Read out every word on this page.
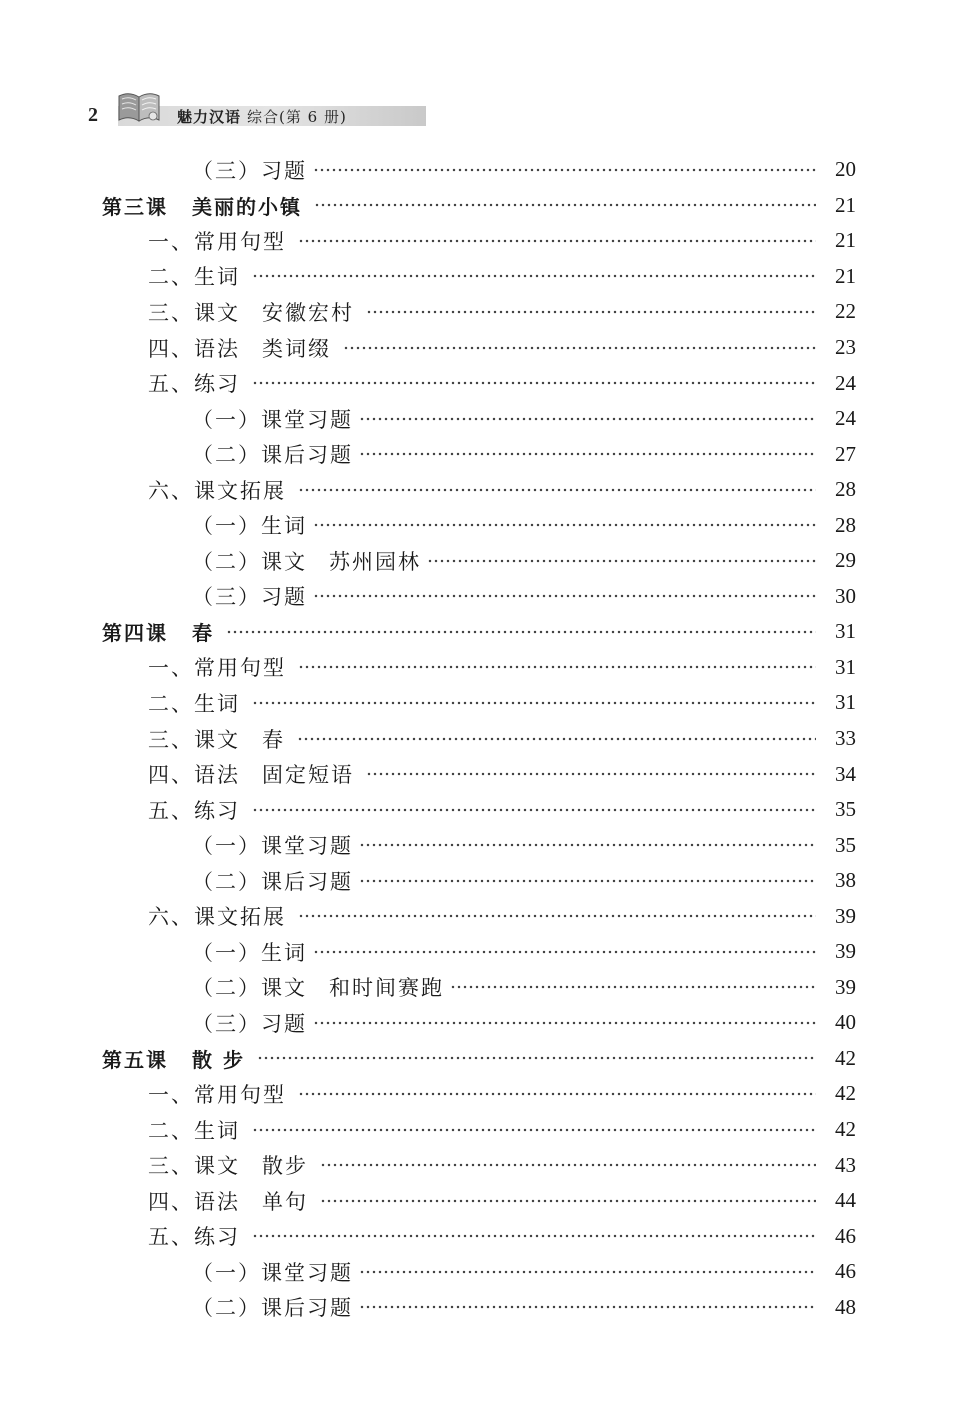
2	魅力汉语 综合(第 6 册)
（三）习题	20
第三课 美丽的小镇	21
一、常用句型	21
二、生词	21
三、课文 安徽宏村	22
四、语法 类词缀	23
五、练习	24
（一）课堂习题	24
（二）课后习题	27
六、课文拓展	28
（一）生词	28
（二）课文 苏州园林	29
（三）习题	30
第四课 春	31
一、常用句型	31
二、生词	31
三、课文 春	33
四、语法 固定短语	34
五、练习	35
（一）课堂习题	35
（二）课后习题	38
六、课文拓展	39
（一）生词	39
（二）课文 和时间赛跑	39
（三）习题	40
第五课 散 步	42
一、常用句型	42
二、生词	42
三、课文 散步	43
四、语法 单句	44
五、练习	46
（一）课堂习题	46
（二）课后习题	48
